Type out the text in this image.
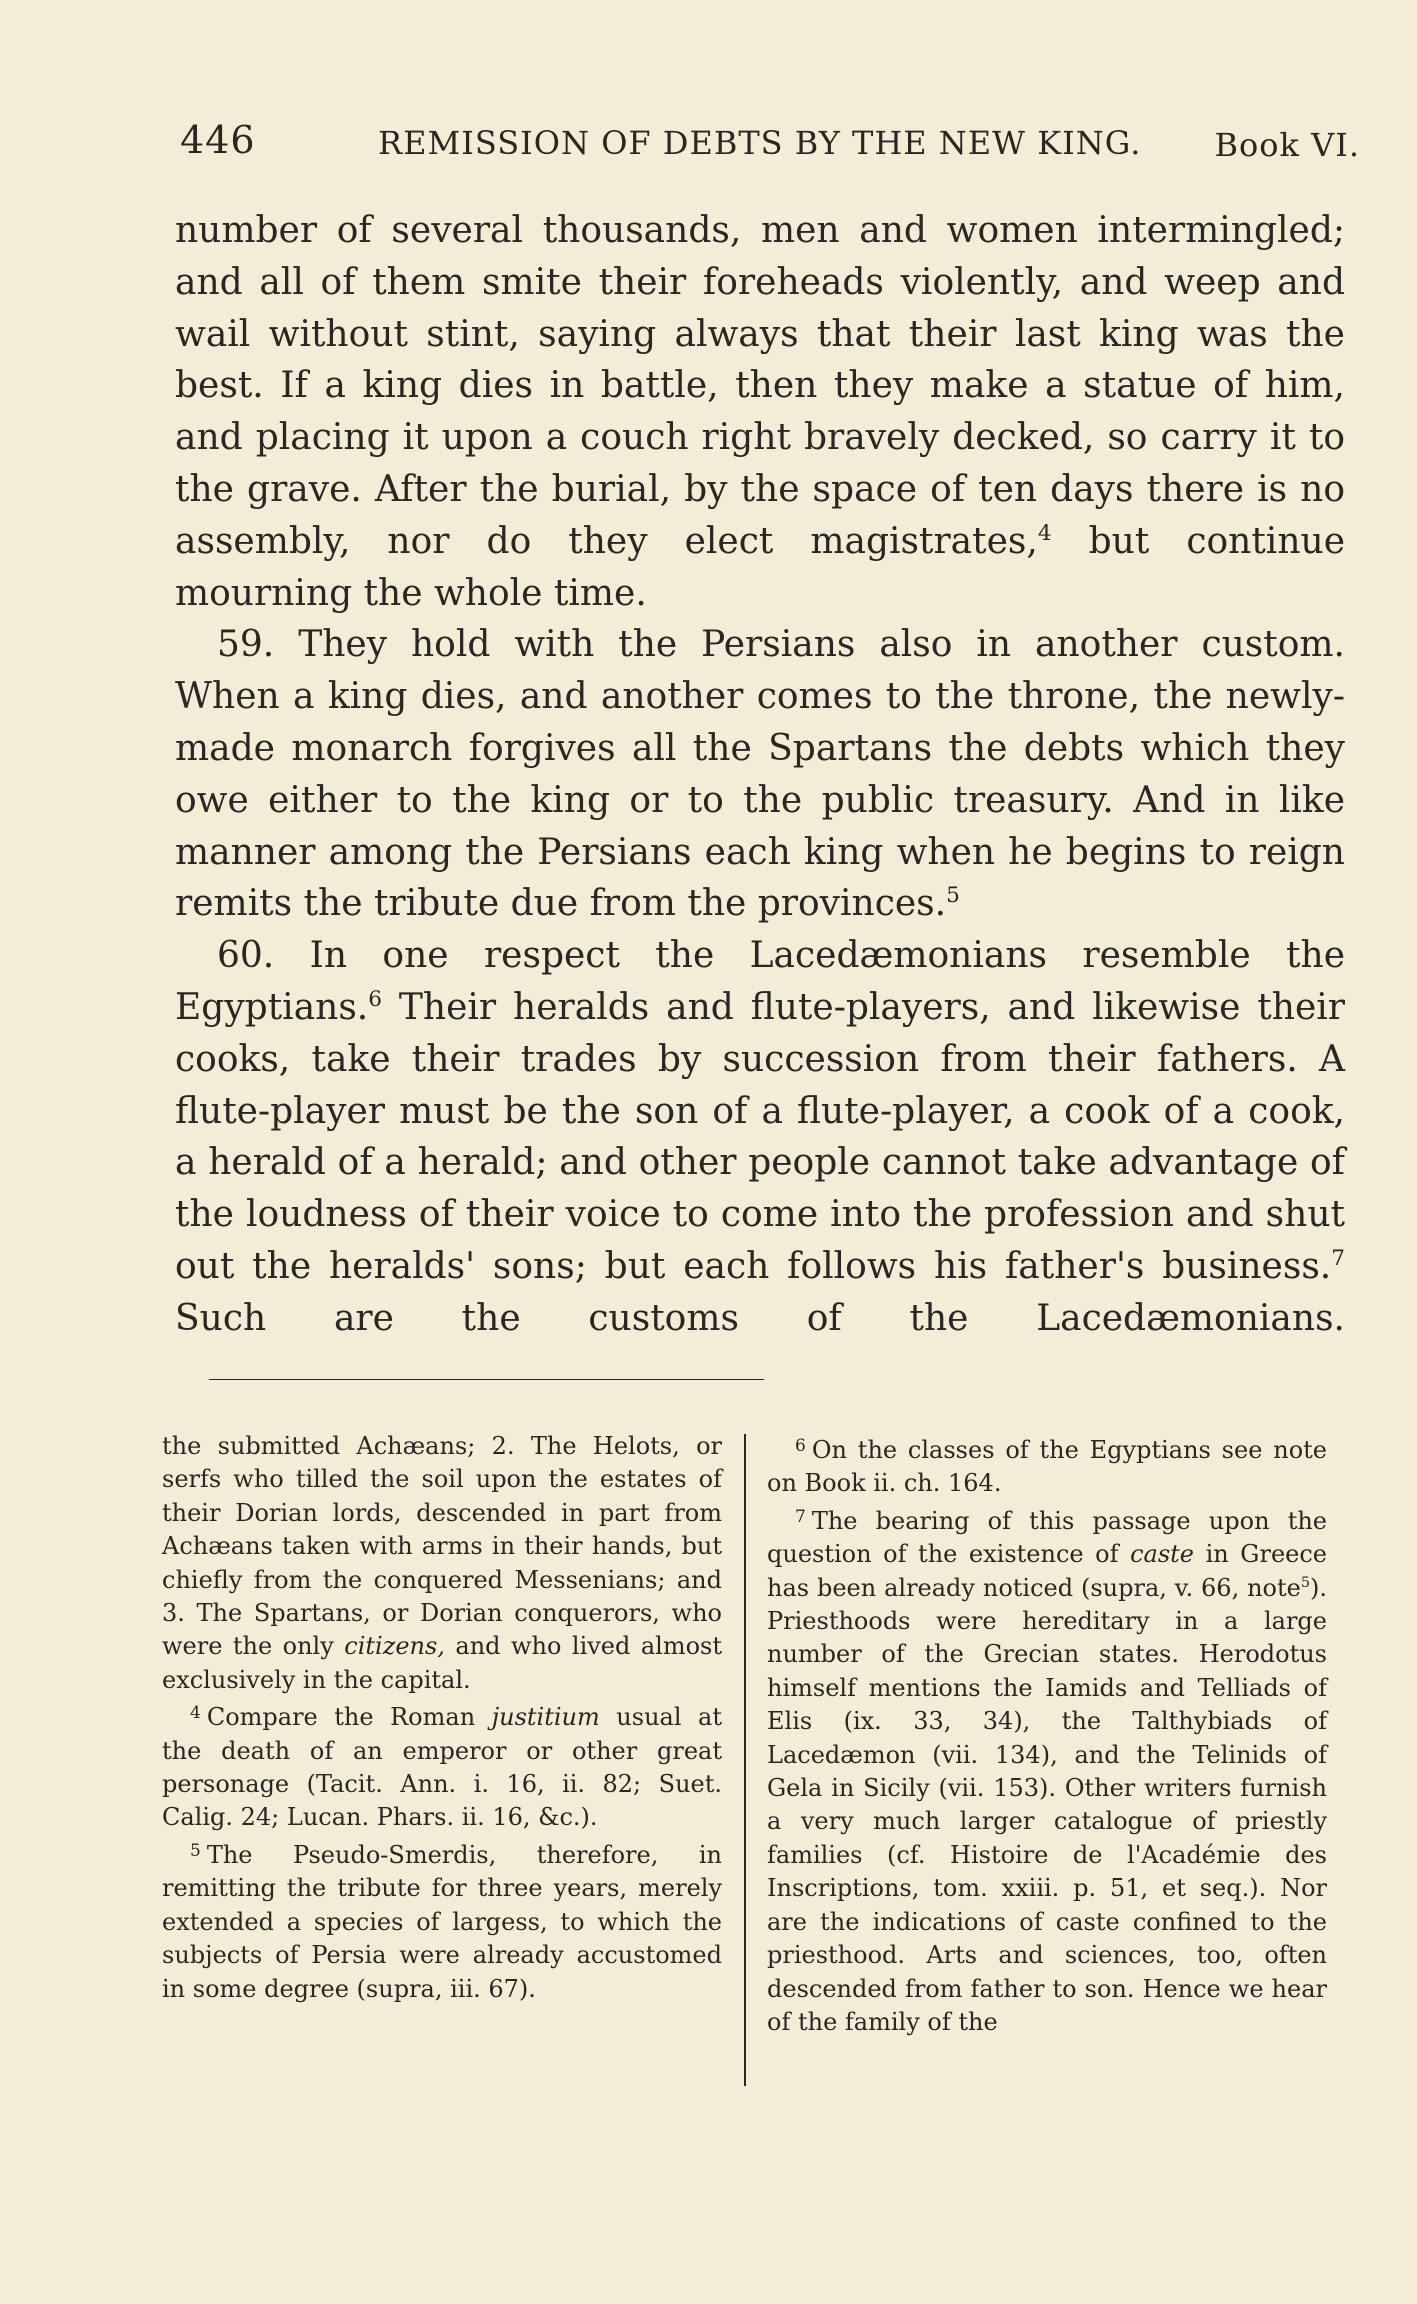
446	REMISSION OF DEBTS BY THE NEW KING. Book VI.

number of several thousands, men and women intermingled; and all of them smite their foreheads violently, and weep and wail without stint, saying always that their last king was the best. If a king dies in battle, then they make a statue of him, and placing it upon a couch right bravely decked, so carry it to the grave. After the burial, by the space of ten days there is no assembly, nor do they elect magistrates,$^4$ but continue mourning the whole time.

59. They hold with the Persians also in another custom. When a king dies, and another comes to the throne, the newly-made monarch forgives all the Spartans the debts which they owe either to the king or to the public treasury. And in like manner among the Persians each king when he begins to reign remits the tribute due from the provinces.$^5$

60. In one respect the Lacedæmonians resemble the Egyptians.$^6$ Their heralds and flute-players, and likewise their cooks, take their trades by succession from their fathers. A flute-player must be the son of a flute-player, a cook of a cook, a herald of a herald; and other people cannot take advantage of the loudness of their voice to come into the profession and shut out the heralds' sons; but each follows his father's business.$^7$ Such are the customs of the Lacedæmonians.

the submitted Achæans; 2. The Helots, or serfs who tilled the soil upon the estates of their Dorian lords, descended in part from Achæans taken with arms in their hands, but chiefly from the conquered Messenians; and 3. The Spartans, or Dorian conquerors, who were the only citizens, and who lived almost exclusively in the capital.

$^4$ Compare the Roman justitium usual at the death of an emperor or other great personage (Tacit. Ann. i. 16, ii. 82; Suet. Calig. 24; Lucan. Phars. ii. 16, &c.).

$^5$ The Pseudo-Smerdis, therefore, in remitting the tribute for three years, merely extended a species of largess, to which the subjects of Persia were already accustomed in some degree (supra, iii. 67).

$^6$ On the classes of the Egyptians see note on Book ii. ch. 164.

$^7$ The bearing of this passage upon the question of the existence of caste in Greece has been already noticed (supra, v. 66, note$^5$). Priesthoods were hereditary in a large number of the Grecian states. Herodotus himself mentions the Iamids and Telliads of Elis (ix. 33, 34), the Talthybiads of Lacedæmon (vii. 134), and the Telinids of Gela in Sicily (vii. 153). Other writers furnish a very much larger catalogue of priestly families (cf. Histoire de l'Académie des Inscriptions, tom. xxiii. p. 51, et seq.). Nor are the indications of caste confined to the priesthood. Arts and sciences, too, often descended from father to son. Hence we hear of the family of the
